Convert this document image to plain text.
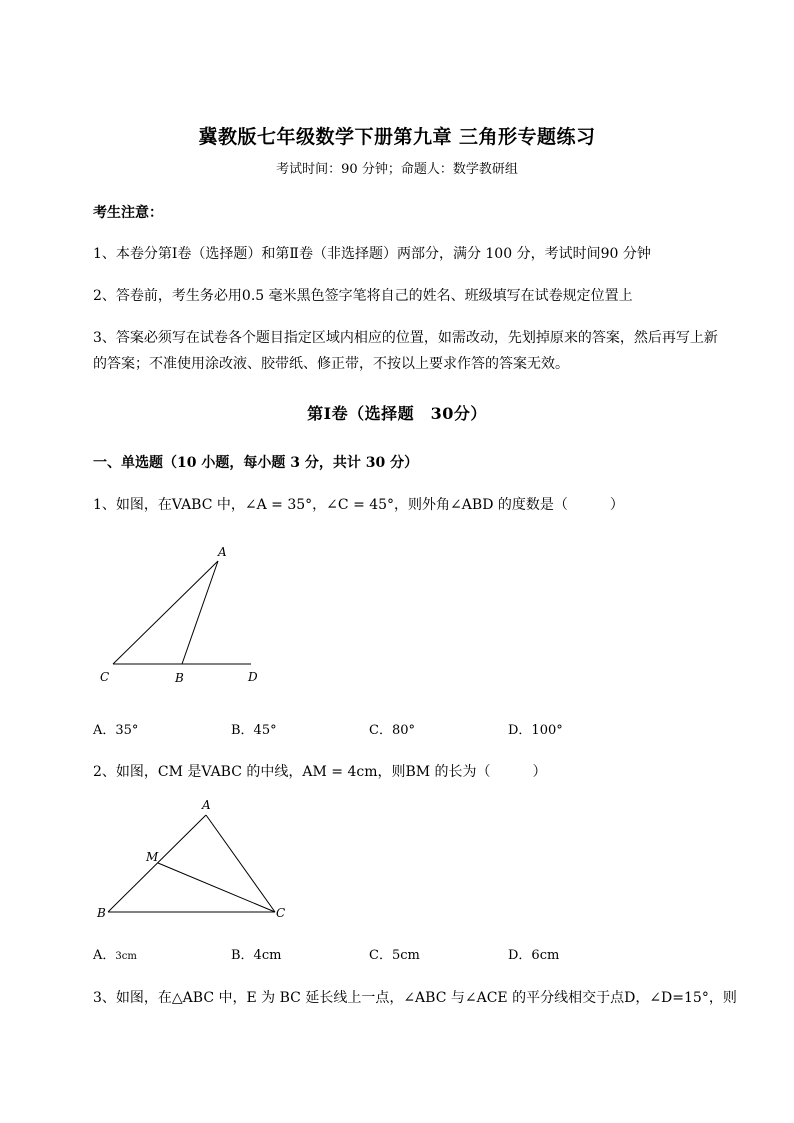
冀教版七年级数学下册第九章 三角形专题练习
考试时间：90 分钟；命题人：数学教研组
考生注意：
1、本卷分第Ⅰ卷（选择题）和第Ⅱ卷（非选择题）两部分，满分 100 分，考试时间90 分钟
2、答卷前，考生务必用0.5 毫米黑色签字笔将自己的姓名、班级填写在试卷规定位置上
3、答案必须写在试卷各个题目指定区域内相应的位置，如需改动，先划掉原来的答案，然后再写上新
的答案；不准使用涂改液、胶带纸、修正带，不按以上要求作答的答案无效。
第Ⅰ卷（选择题　30分）
一、单选题（10 小题，每小题 3 分，共计 30 分）
1、如图，在VABC 中，∠A = 35°，∠C = 45°，则外角∠ABD 的度数是（　　　）
A
C	B	D
A
M
B	C
A．35°	B．45°	C．80°	D．100°
2、如图，CM 是VABC 的中线，AM = 4cm，则BM 的长为（　　　）
A．3cm	B．4cm	C．5cm	D．6cm
3、如图，在△ABC 中，E 为 BC 延长线上一点，∠ABC 与∠ACE 的平分线相交于点D，∠D=15°，则
